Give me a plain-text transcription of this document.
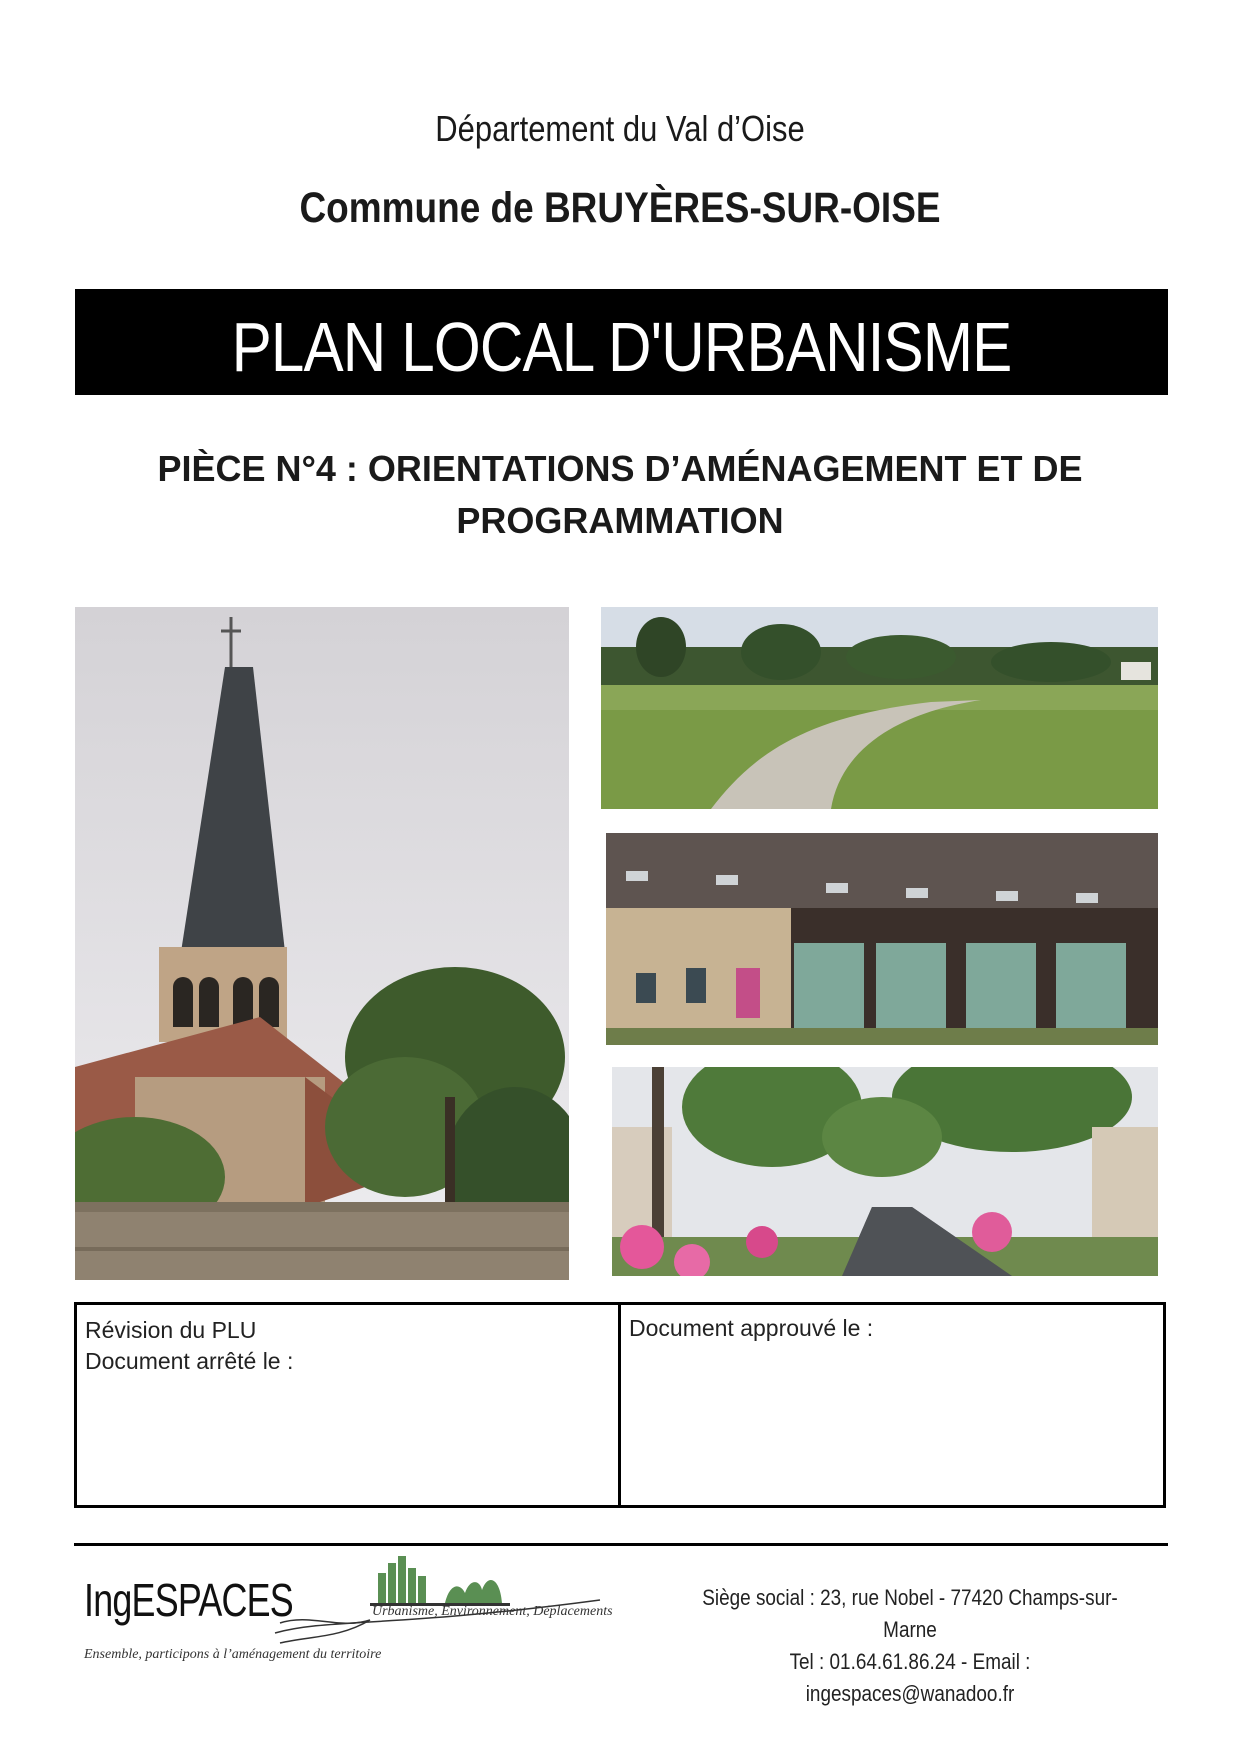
Département du Val d’Oise
Commune de BRUYÈRES-SUR-OISE
PLAN LOCAL D'URBANISME
PIÈCE N°4 : ORIENTATIONS D’AMÉNAGEMENT ET DE
PROGRAMMATION
Révision du PLU
Document arrêté le :
Document approuvé le :
IngESPACES	Urbanisme, Environnement, Déplacements
Ensemble, participons à l’aménagement du territoire
Siège social : 23, rue Nobel - 77420 Champs-sur-Marne
Tel : 01.64.61.86.24 - Email : ingespaces@wanadoo.fr
